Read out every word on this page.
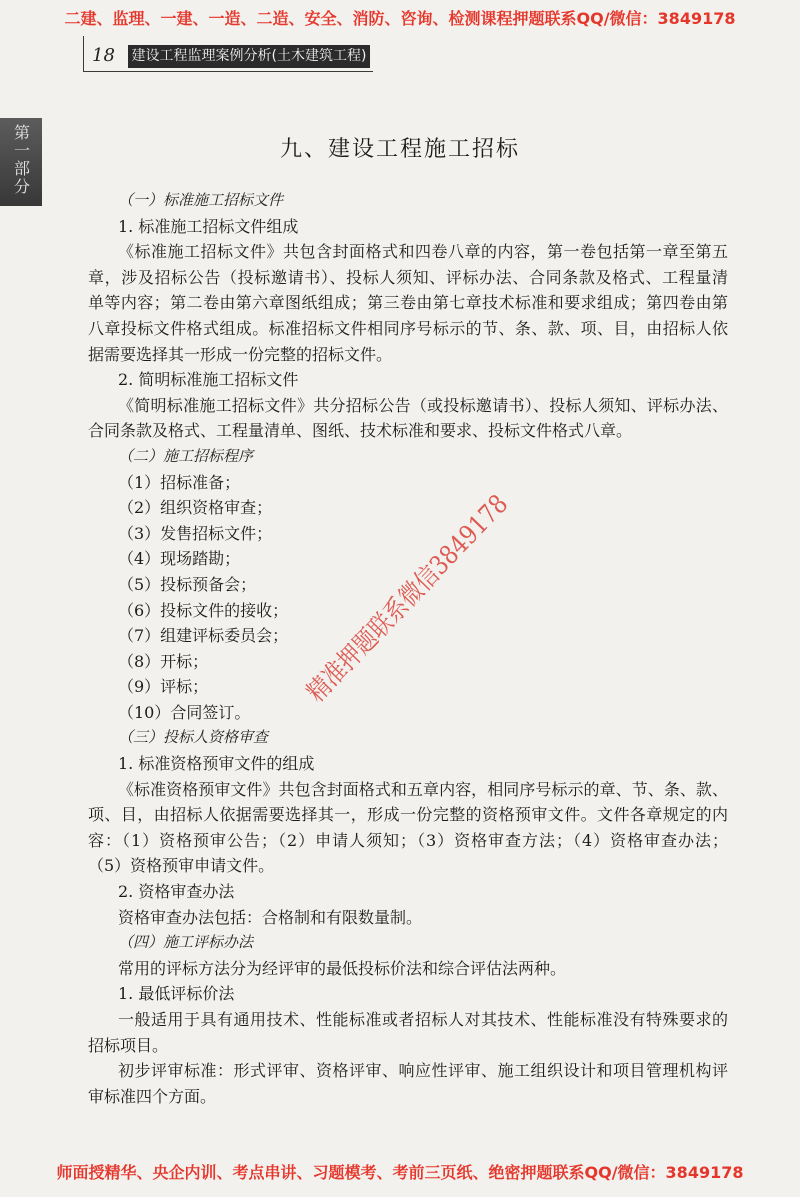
二建、监理、一建、一造、二造、安全、消防、咨询、检测课程押题联系QQ/微信：3849178
18 建设工程监理案例分析(土木建筑工程)
第一部分	九、建设工程施工招标
（一）标准施工招标文件
1. 标准施工招标文件组成
《标准施工招标文件》共包含封面格式和四卷八章的内容，第一卷包括第一章至第五
章，涉及招标公告（投标邀请书）、投标人须知、评标办法、合同条款及格式、工程量清
单等内容；第二卷由第六章图纸组成；第三卷由第七章技术标准和要求组成；第四卷由第
八章投标文件格式组成。标准招标文件相同序号标示的节、条、款、项、目，由招标人依
据需要选择其一形成一份完整的招标文件。
2. 简明标准施工招标文件
《简明标准施工招标文件》共分招标公告（或投标邀请书）、投标人须知、评标办法、
合同条款及格式、工程量清单、图纸、技术标准和要求、投标文件格式八章。
（二）施工招标程序
（1）招标准备；
（2）组织资格审查；
（3）发售招标文件；
（4）现场踏勘；
（5）投标预备会；
（6）投标文件的接收；
（7）组建评标委员会；
（8）开标；
（9）评标；
（10）合同签订。
（三）投标人资格审查
1. 标准资格预审文件的组成
《标准资格预审文件》共包含封面格式和五章内容，相同序号标示的章、节、条、款、
项、目，由招标人依据需要选择其一，形成一份完整的资格预审文件。文件各章规定的内
容：（1）资格预审公告；（2）申请人须知；（3）资格审查方法；（4）资格审查办法；
（5）资格预审申请文件。
2. 资格审查办法
资格审查办法包括：合格制和有限数量制。
（四）施工评标办法
常用的评标方法分为经评审的最低投标价法和综合评估法两种。
1. 最低评标价法
一般适用于具有通用技术、性能标准或者招标人对其技术、性能标准没有特殊要求的
招标项目。
初步评审标准：形式评审、资格评审、响应性评审、施工组织设计和项目管理机构评
审标准四个方面。
精准押题联系微信3849178
师面授精华、央企内训、考点串讲、习题模考、考前三页纸、绝密押题联系QQ/微信：3849178
